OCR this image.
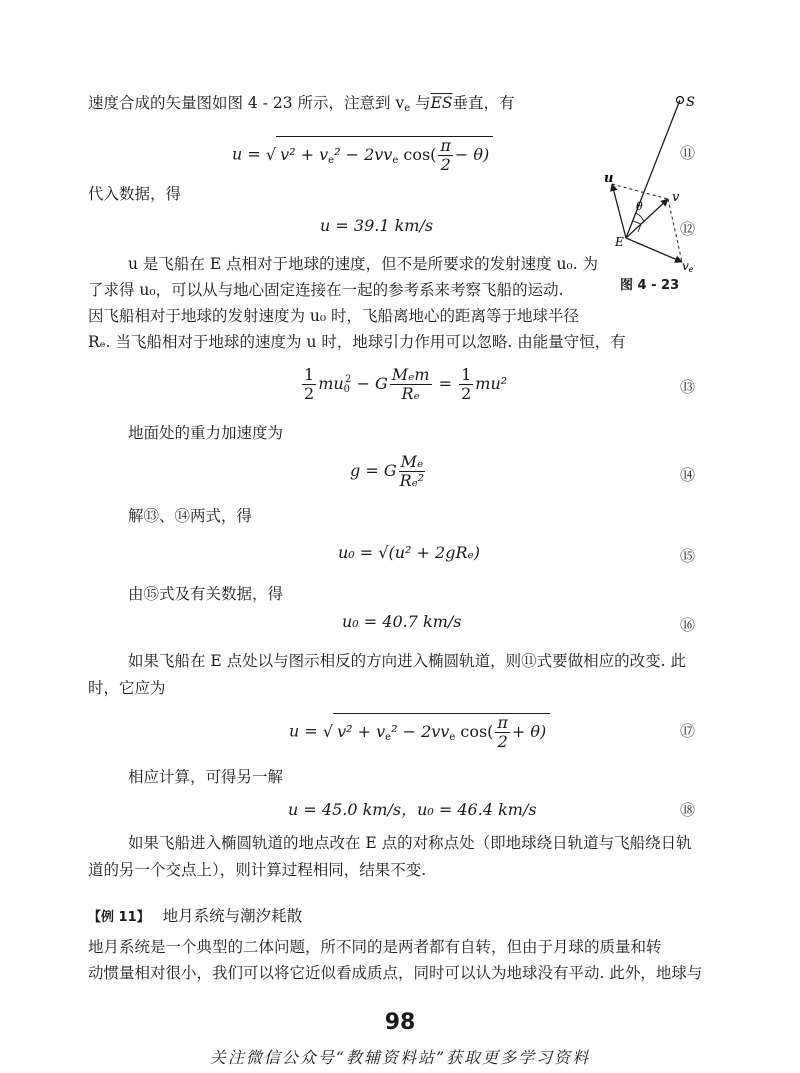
速度合成的矢量图如图 4 - 23 所示，注意到 $v_e$ 与$\overline{ES}$垂直，有
u = √ $v^2 + v_e^2 - 2vv_e$ $\cos( \frac{\pi}{2} - \theta)$	⑪
代入数据，得
u = 39.1 km/s	⑫
u 是飞船在 E 点相对于地球的速度，但不是所要求的发射速度 u₀. 为
了求得 u₀，可以从与地心固定连接在一起的参考系来考察飞船的运动.
因飞船相对于地球的发射速度为 u₀ 时，飞船离地心的距离等于地球半径
Rₑ. 当飞船相对于地球的速度为 u 时，地球引力作用可以忽略. 由能量守恒，有
$\frac{1}{2} mu_0^2 - G \frac{\text{Mₑm}}{\text{Rₑ}} = \frac{1}{2} mu^2$	⑬
地面处的重力加速度为
g = G $\frac{\text{Mₑ}}{\text{Rₑ²}}$	⑭
解⑬、⑭两式，得
u₀ = √(u² + 2gRₑ)	⑮
由⑮式及有关数据，得
u₀ = 40.7 km/s	⑯
如果飞船在 E 点处以与图示相反的方向进入椭圆轨道，则⑪式要做相应的改变. 此
时，它应为
u = √ $v^2 + v_e^2 - 2vv_e$ $\cos( \frac{\pi}{2} + \theta)$	⑰
相应计算，可得另一解
u = 45.0 km/s，u₀ = 46.4 km/s	⑱
如果飞船进入椭圆轨道的地点改在 E 点的对称点处（即地球绕日轨道与飞船绕日轨
道的另一个交点上），则计算过程相同，结果不变.
【例 11】 地月系统与潮汐耗散
地月系统是一个典型的二体问题，所不同的是两者都有自转，但由于月球的质量和转
动惯量相对很小，我们可以将它近似看成质点，同时可以认为地球没有平动. 此外，地球与
S
u
v
θ
E
ve
图 4 - 23
98
关注微信公众号“教辅资料站”获取更多学习资料
